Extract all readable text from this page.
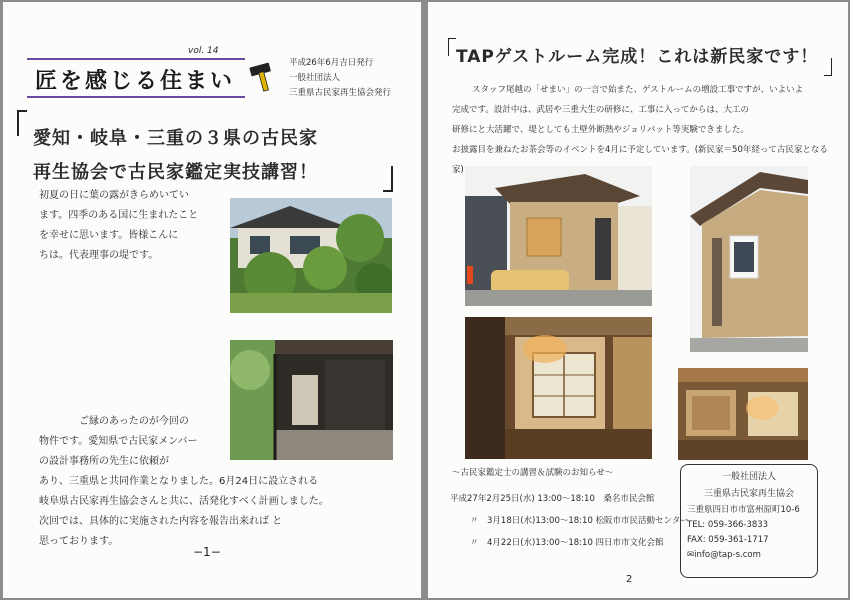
vol. 14
匠を感じる住まい
平成26年6月吉日発行
一般社団法人
三重県古民家再生協会発行
愛知・岐阜・三重の３県の古民家
再生協会で古民家鑑定実技講習！
初夏の日に葉の露がきらめいてい
ます。四季のある国に生まれたこと
を幸せに思います。皆様こんに
ちは。代表理事の堤です。
ご縁のあったのが今回の
物件です。愛知県で古民家メンバー
の設計事務所の先生に依頼が
あり、三重県と共同作業となりました。6月24日に設立される
岐阜県古民家再生協会さんと共に、活発化すべく計画しました。
次回では、具体的に実施された内容を報告出来れば と
思っております。
−1−
TAPゲストルーム完成！これは新民家です！
スタッフ尾越の「せまい」の一言で始また、ゲストルームの増設工事ですが、いよいよ
完成です。設計中は、武居や三重大生の研修に、工事に入ってからは、大工の
研修にと大活躍で、堤としても土壁外断熱やジョリパット等実験できました。
お披露目を兼ねたお茶会等のイベントを4月に予定しています。(新民家＝50年経って古民家となる家)
〜古民家鑑定士の講習＆試験のお知らせ〜
平成27年2月25日(水) 13:00〜18:10　桑名市民会館
〃　3月18日(水)13:00〜18:10 松阪市市民活動センター
〃　4月22日(水)13:00〜18:10 四日市市文化会館
一般社団法人
三重県古民家再生協会
三重県四日市市富州原町10-6
TEL: 059-366-3833
FAX: 059-361-1717
✉ info@tap-s.com
2
